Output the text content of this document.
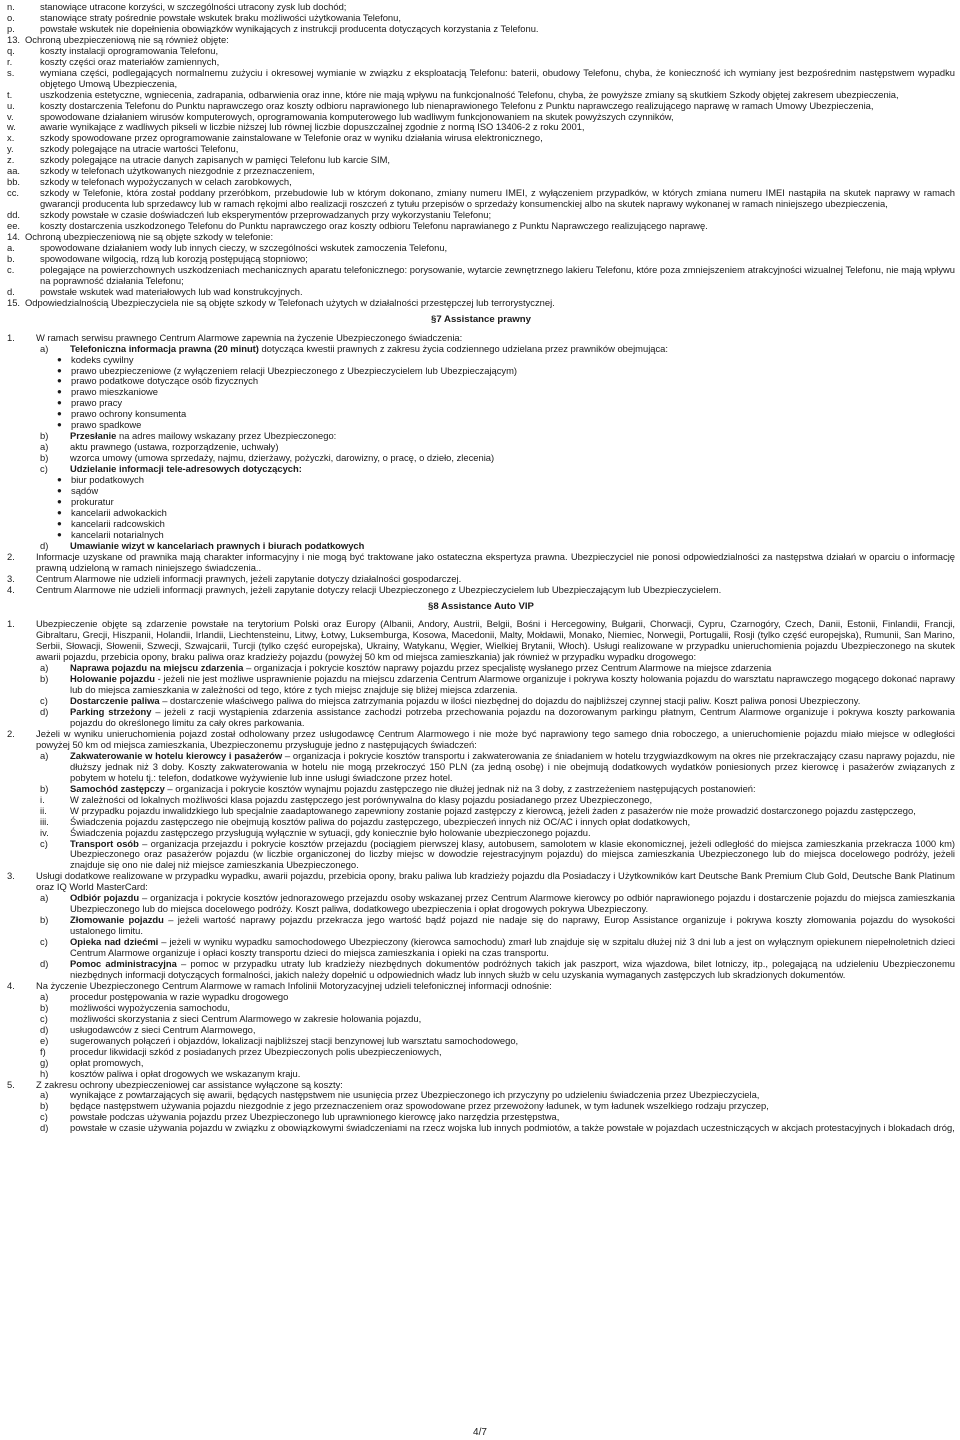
n.	stanowiące utracone korzyści, w szczególności utracony zysk lub dochód;
o.	stanowiące straty pośrednie powstałe wskutek braku możliwości użytkowania Telefonu,
p.	powstałe wskutek nie dopełnienia obowiązków wynikających z instrukcji producenta dotyczących korzystania z Telefonu.
13. Ochroną ubezpieczeniową nie są również objęte:
q.	koszty instalacji oprogramowania Telefonu,
r.	koszty części oraz materiałów zamiennych,
s.	wymiana części, podlegających normalnemu zużyciu i okresowej wymianie w związku z eksploatacją Telefonu: baterii, obudowy Telefonu, chyba, że konieczność ich wymiany jest bezpośrednim następstwem wypadku objętego Umową Ubezpieczenia,
t.	uszkodzenia estetyczne, wgniecenia, zadrapania, odbarwienia oraz inne, które nie mają wpływu na funkcjonalność Telefonu, chyba, że powyższe zmiany są skutkiem Szkody objętej zakresem ubezpieczenia,
u.	koszty dostarczenia Telefonu do Punktu naprawczego oraz koszty odbioru naprawionego lub nienaprawionego Telefonu z Punktu naprawczego realizującego naprawę w ramach Umowy Ubezpieczenia,
v.	spowodowane działaniem wirusów komputerowych, oprogramowania komputerowego lub wadliwym funkcjonowaniem na skutek powyższych czynników,
w.	awarie wynikające z wadliwych pikseli w liczbie niższej lub równej liczbie dopuszczalnej zgodnie z normą ISO 13406-2 z roku 2001,
x.	szkody spowodowane przez oprogramowanie zainstalowane w Telefonie oraz w wyniku działania wirusa elektronicznego,
y.	szkody polegające na utracie wartości Telefonu,
z.	szkody polegające na utracie danych zapisanych w pamięci Telefonu lub karcie SIM,
aa.	szkody w telefonach użytkowanych niezgodnie z przeznaczeniem,
bb.	szkody w telefonach wypożyczanych w celach zarobkowych,
cc.	szkody w Telefonie, która został poddany przeróbkom, przebudowie lub w którym dokonano, zmiany numeru IMEI, z wyłączeniem przypadków, w których zmiana numeru IMEI nastąpiła na skutek naprawy w ramach gwarancji producenta lub sprzedawcy lub w ramach rękojmi albo realizacji roszczeń z tytułu przepisów o sprzedaży konsumenckiej albo na skutek naprawy wykonanej w ramach niniejszego ubezpieczenia,
dd.	szkody powstałe w czasie doświadczeń lub eksperymentów przeprowadzanych przy wykorzystaniu Telefonu;
ee.	koszty dostarczenia uszkodzonego Telefonu do Punktu naprawczego oraz koszty odbioru Telefonu naprawianego z Punktu Naprawczego realizującego naprawę.
14. Ochroną ubezpieczeniową nie są objęte szkody w telefonie:
a.	spowodowane działaniem wody lub innych cieczy, w szczególności wskutek zamoczenia Telefonu,
b.	spowodowane wilgocią, rdzą lub korozją postępującą stopniowo;
c.	polegające na powierzchownych uszkodzeniach mechanicznych aparatu telefonicznego: porysowanie, wytarcie zewnętrznego lakieru Telefonu, które poza zmniejszeniem atrakcyjności wizualnej Telefonu, nie mają wpływu na poprawność działania Telefonu;
d.	powstałe wskutek wad materiałowych lub wad konstrukcyjnych.
15. Odpowiedzialnością Ubezpieczyciela nie są objęte szkody w Telefonach użytych w działalności przestępczej lub terrorystycznej.
§7 Assistance prawny
1.	W ramach serwisu prawnego Centrum Alarmowe zapewnia na życzenie Ubezpieczonego świadczenia:
a)	Telefoniczna informacja prawna (20 minut) dotycząca kwestii prawnych z zakresu życia codziennego udzielana przez prawników obejmująca:
● kodeks cywilny
● prawo ubezpieczeniowe (z wyłączeniem relacji Ubezpieczonego z Ubezpieczycielem lub Ubezpieczającym)
● prawo podatkowe dotyczące osób fizycznych
● prawo mieszkaniowe
● prawo pracy
● prawo ochrony konsumenta
● prawo spadkowe
b)	Przesłanie na adres mailowy wskazany przez Ubezpieczonego:
a)	aktu prawnego (ustawa, rozporządzenie, uchwały)
b)	wzorca umowy (umowa sprzedaży, najmu, dzierżawy, pożyczki, darowizny, o pracę, o dzieło, zlecenia)
c)	Udzielanie informacji tele-adresowych dotyczących:
● biur podatkowych
● sądów
● prokuratur
● kancelarii adwokackich
● kancelarii radcowskich
● kancelarii notarialnych
d)	Umawianie wizyt w kancelariach prawnych i biurach podatkowych
2.	Informacje uzyskane od prawnika mają charakter informacyjny i nie mogą być traktowane jako ostateczna ekspertyza prawna. Ubezpieczyciel nie ponosi odpowiedzialności za następstwa działań w oparciu o informację prawną udzieloną w ramach niniejszego świadczenia..
3.	Centrum Alarmowe nie udzieli informacji prawnych, jeżeli zapytanie dotyczy działalności gospodarczej.
4.	Centrum Alarmowe nie udzieli informacji prawnych, jeżeli zapytanie dotyczy relacji Ubezpieczonego z Ubezpieczycielem lub Ubezpieczającym lub Ubezpieczycielem.
§8 Assistance Auto VIP
1.	Ubezpieczenie objęte są zdarzenie powstałe na terytorium Polski oraz Europy (Albanii, Andory, Austrii, Belgii, Bośni i Hercegowiny, Bułgarii, Chorwacji, Cypru, Czarnogóry, Czech, Danii, Estonii, Finlandii, Francji, Gibraltaru, Grecji, Hiszpanii, Holandii, Irlandii, Liechtensteinu, Litwy, Łotwy, Luksemburga, Kosowa, Macedonii, Malty, Mołdawii, Monako, Niemiec, Norwegii, Portugalii, Rosji (tylko część europejska), Rumunii, San Marino, Serbii, Słowacji, Słowenii, Szwecji, Szwajcarii, Turcji (tylko część europejska), Ukrainy, Watykanu, Węgier, Wielkiej Brytanii, Włoch). Usługi realizowane w przypadku unieruchomienia pojazdu Ubezpieczonego na skutek awarii pojazdu, przebicia opony, braku paliwa oraz kradzieży pojazdu (powyżej 50 km od miejsca zamieszkania) jak również w przypadku wypadku drogowego:
a)	Naprawa pojazdu na miejscu zdarzenia – organizacja i pokrycie kosztów naprawy pojazdu przez specjalistę wysłanego przez Centrum Alarmowe na miejsce zdarzenia
b)	Holowanie pojazdu - jeżeli nie jest możliwe usprawnienie pojazdu na miejscu zdarzenia Centrum Alarmowe organizuje i pokrywa koszty holowania pojazdu do warsztatu naprawczego mogącego dokonać naprawy lub do miejsca zamieszkania w zależności od tego, które z tych miejsc znajduje się bliżej miejsca zdarzenia.
c)	Dostarczenie paliwa – dostarczenie właściwego paliwa do miejsca zatrzymania pojazdu w ilości niezbędnej do dojazdu do najbliższej czynnej stacji paliw. Koszt paliwa ponosi Ubezpieczony.
d)	Parking strzeżony – jeżeli z racji wystąpienia zdarzenia assistance zachodzi potrzeba przechowania pojazdu na dozorowanym parkingu płatnym, Centrum Alarmowe organizuje i pokrywa koszty parkowania pojazdu do określonego limitu za cały okres parkowania.
2.	Jeżeli w wyniku unieruchomienia pojazd został odholowany przez usługodawcę Centrum Alarmowego i nie może być naprawiony tego samego dnia roboczego, a unieruchomienie pojazdu miało miejsce w odległości powyżej 50 km od miejsca zamieszkania, Ubezpieczonemu przysługuje jedno z następujących świadczeń:
a)	Zakwaterowanie w hotelu kierowcy i pasażerów – organizacja i pokrycie kosztów transportu i zakwaterowania ze śniadaniem w hotelu trzygwiazdkowym na okres nie przekraczający czasu naprawy pojazdu, nie dłuższy jednak niż 3 doby. Koszty zakwaterowania w hotelu nie mogą przekroczyć 150 PLN (za jedną osobę) i nie obejmują dodatkowych wydatków poniesionych przez kierowcę i pasażerów związanych z pobytem w hotelu tj.: telefon, dodatkowe wyżywienie lub inne usługi świadczone przez hotel.
b)	Samochód zastępczy – organizacja i pokrycie kosztów wynajmu pojazdu zastępczego nie dłużej jednak niż na 3 doby, z zastrzeżeniem następujących postanowień:
i.	W zależności od lokalnych możliwości klasa pojazdu zastępczego jest porównywalna do klasy pojazdu posiadanego przez Ubezpieczonego,
ii.	W przypadku pojazdu inwalidzkiego lub specjalnie zaadaptowanego zapewniony zostanie pojazd zastępczy z kierowcą, jeżeli żaden z pasażerów nie może prowadzić dostarczonego pojazdu zastępczego,
iii.	Świadczenia pojazdu zastępczego nie obejmują kosztów paliwa do pojazdu zastępczego, ubezpieczeń innych niż OC/AC i innych opłat dodatkowych,
iv.	Świadczenia pojazdu zastępczego przysługują wyłącznie w sytuacji, gdy koniecznie było holowanie ubezpieczonego pojazdu.
c)	Transport osób – organizacja przejazdu i pokrycie kosztów przejazdu (pociągiem pierwszej klasy, autobusem, samolotem w klasie ekonomicznej, jeżeli odległość do miejsca zamieszkania przekracza 1000 km) Ubezpieczonego oraz pasażerów pojazdu (w liczbie organiczonej do liczby miejsc w dowodzie rejestracyjnym pojazdu) do miejsca zamieszkania Ubezpieczonego lub do miejsca docelowego podróży, jeżeli znajduje się ono nie dalej niż miejsce zamieszkania Ubezpieczonego.
3.	Usługi dodatkowe realizowane w przypadku wypadku, awarii pojazdu, przebicia opony, braku paliwa lub kradzieży pojazdu dla Posiadaczy i Użytkowników kart Deutsche Bank Premium Club Gold, Deutsche Bank Platinum oraz IQ World MasterCard:
a)	Odbiór pojazdu – organizacja i pokrycie kosztów jednorazowego przejazdu osoby wskazanej przez Centrum Alarmowe kierowcy po odbiór naprawionego pojazdu i dostarczenie pojazdu do miejsca zamieszkania Ubezpieczonego lub do miejsca docelowego podróży. Koszt paliwa, dodatkowego ubezpieczenia i opłat drogowych pokrywa Ubezpieczony.
b)	Złomowanie pojazdu – jeżeli wartość naprawy pojazdu przekracza jego wartość bądź pojazd nie nadaje się do naprawy, Europ Assistance organizuje i pokrywa koszty złomowania pojazdu do wysokości ustalonego limitu.
c)	Opieka nad dziećmi – jeżeli w wyniku wypadku samochodowego Ubezpieczony (kierowca samochodu) zmarł lub znajduje się w szpitalu dłużej niż 3 dni lub a jest on wyłącznym opiekunem niepełnoletnich dzieci Centrum Alarmowe organizuje i opłaci koszty transportu dzieci do miejsca zamieszkania i opieki na czas transportu.
d)	Pomoc administracyjna – pomoc w przypadku utraty lub kradzieży niezbędnych dokumentów podróżnych takich jak paszport, wiza wjazdowa, bilet lotniczy, itp., polegającą na udzieleniu Ubezpieczonemu niezbędnych informacji dotyczących formalności, jakich należy dopełnić u odpowiednich władz lub innych służb w celu uzyskania wymaganych zastępczych lub skradzionych dokumentów.
4.	Na życzenie Ubezpieczonego Centrum Alarmowe w ramach Infolinii Motoryzacyjnej udzieli telefonicznej informacji odnośnie:
a)	procedur postępowania w razie wypadku drogowego
b)	możliwości wypożyczenia samochodu,
c)	możliwości skorzystania z sieci Centrum Alarmowego w zakresie holowania pojazdu,
d)	usługodawców z sieci Centrum Alarmowego,
e)	sugerowanych połączeń i objazdów, lokalizacji najbliższej stacji benzynowej lub warsztatu samochodowego,
f)	procedur likwidacji szkód z posiadanych przez Ubezpieczonych polis ubezpieczeniowych,
g)	opłat promowych,
h)	kosztów paliwa i opłat drogowych we wskazanym kraju.
5.	Z zakresu ochrony ubezpieczeniowej car assistance wyłączone są koszty:
a)	wynikające z powtarzających się awarii, będących następstwem nie usunięcia przez Ubezpieczonego ich przyczyny po udzieleniu świadczenia przez Ubezpieczyciela,
b)	będące następstwem używania pojazdu niezgodnie z jego przeznaczeniem oraz spowodowane przez przewożony ładunek, w tym ładunek wszelkiego rodzaju przyczep,
c)	powstałe podczas używania pojazdu przez Ubezpieczonego lub uprawnionego kierowcę jako narzędzia przestępstwa,
d)	powstałe w czasie używania pojazdu w związku z obowiązkowymi świadczeniami na rzecz wojska lub innych podmiotów, a także powstałe w pojazdach uczestniczących w akcjach protestacyjnych i blokadach dróg,
4/7
